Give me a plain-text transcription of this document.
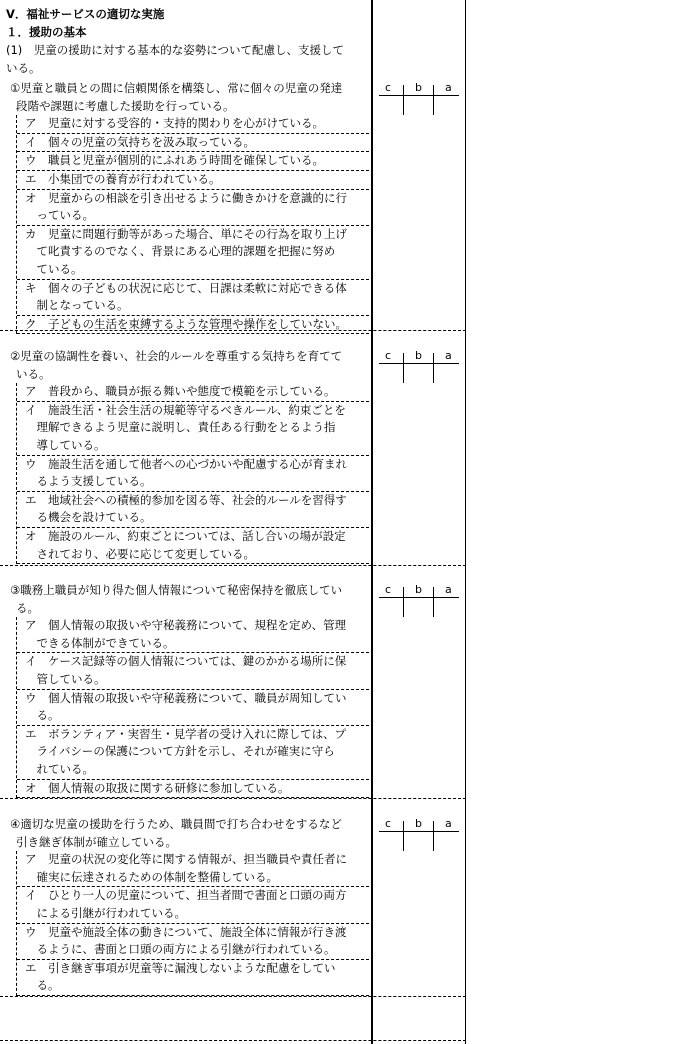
Ⅴ．福祉サービスの適切な実施
１．援助の基本
(1)　児童の援助に対する基本的な姿勢について配慮し、支援して
いる。
①児童と職員との間に信頼関係を構築し、常に個々の児童の発達
段階や課題に考慮した援助を行っている。
ア　児童に対する受容的・支持的関わりを心がけている。
イ　個々の児童の気持ちを汲み取っている。
ウ　職員と児童が個別的にふれあう時間を確保している。
エ　小集団での養育が行われている。
オ　児童からの相談を引き出せるように働きかけを意識的に行
　っている。
カ　児童に問題行動等があった場合、単にその行為を取り上げ
　て叱責するのでなく、背景にある心理的課題を把握に努め
　ている。
キ　個々の子どもの状況に応じて、日課は柔軟に対応できる体
　制となっている。
ク　子どもの生活を束縛するような管理や操作をしていない。
c b a
②児童の協調性を養い、社会的ルールを尊重する気持ちを育てて
いる。
ア　普段から、職員が振る舞いや態度で模範を示している。
イ　施設生活・社会生活の規範等守るべきルール、約束ごとを
　理解できるよう児童に説明し、責任ある行動をとるよう指
　導している。
ウ　施設生活を通して他者への心づかいや配慮する心が育まれ
　るよう支援している。
エ　地域社会への積極的参加を図る等、社会的ルールを習得す
　る機会を設けている。
オ　施設のルール、約束ごとについては、話し合いの場が設定
　されており、必要に応じて変更している。
c b a
③職務上職員が知り得た個人情報について秘密保持を徹底してい
る。
ア　個人情報の取扱いや守秘義務について、規程を定め、管理
　できる体制ができている。
イ　ケース記録等の個人情報については、鍵のかかる場所に保
　管している。
ウ　個人情報の取扱いや守秘義務について、職員が周知してい
　る。
エ　ボランティア・実習生・見学者の受け入れに際しては、プ
　ライバシーの保護について方針を示し、それが確実に守ら
　れている。
オ　個人情報の取扱に関する研修に参加している。
c b a
④適切な児童の援助を行うため、職員間で打ち合わせをするなど
引き継ぎ体制が確立している。
ア　児童の状況の変化等に関する情報が、担当職員や責任者に
　確実に伝達されるための体制を整備している。
イ　ひとり一人の児童について、担当者間で書面と口頭の両方
　による引継が行われている。
ウ　児童や施設全体の動きについて、施設全体に情報が行き渡
　るように、書面と口頭の両方による引継が行われている。
エ　引き継ぎ事項が児童等に漏洩しないような配慮をしてい
　る。
c b a
